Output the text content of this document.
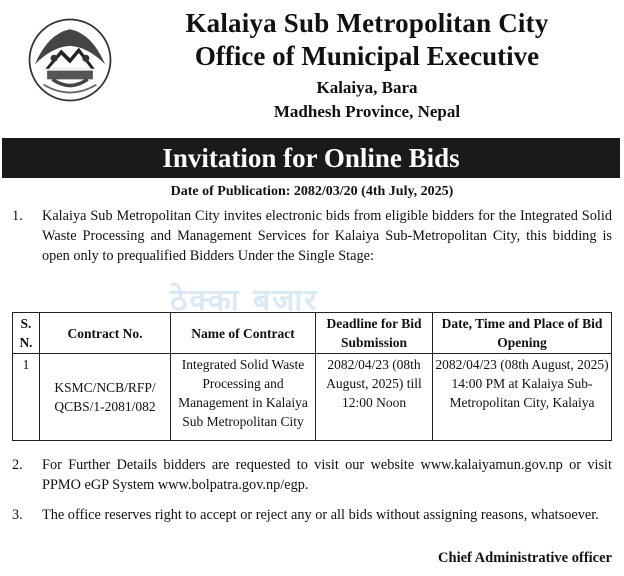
Kalaiya Sub Metropolitan City
Office of Municipal Executive
Kalaiya, Bara
Madhesh Province, Nepal
Invitation for Online Bids
Date of Publication: 2082/03/20 (4th July, 2025)
ठेक्का बजार
1. Kalaiya Sub Metropolitan City invites electronic bids from eligible bidders for the Integrated Solid Waste Processing and Management Services for Kalaiya Sub-Metropolitan City, this bidding is open only to prequalified Bidders Under the Single Stage:
S. N.	Contract No.	Name of Contract	Deadline for Bid Submission	Date, Time and Place of Bid Opening
1	KSMC/NCB/RFP/ QCBS/1-2081/082	Integrated Solid Waste Processing and Management in Kalaiya Sub Metropolitan City	2082/04/23 (08th August, 2025) till 12:00 Noon	2082/04/23 (08th August, 2025) 14:00 PM at Kalaiya Sub-Metropolitan City, Kalaiya
2. For Further Details bidders are requested to visit our website www.kalaiyamun.gov.np or visit PPMO eGP System www.bolpatra.gov.np/egp.
3. The office reserves right to accept or reject any or all bids without assigning reasons, whatsoever.
Chief Administrative officer
